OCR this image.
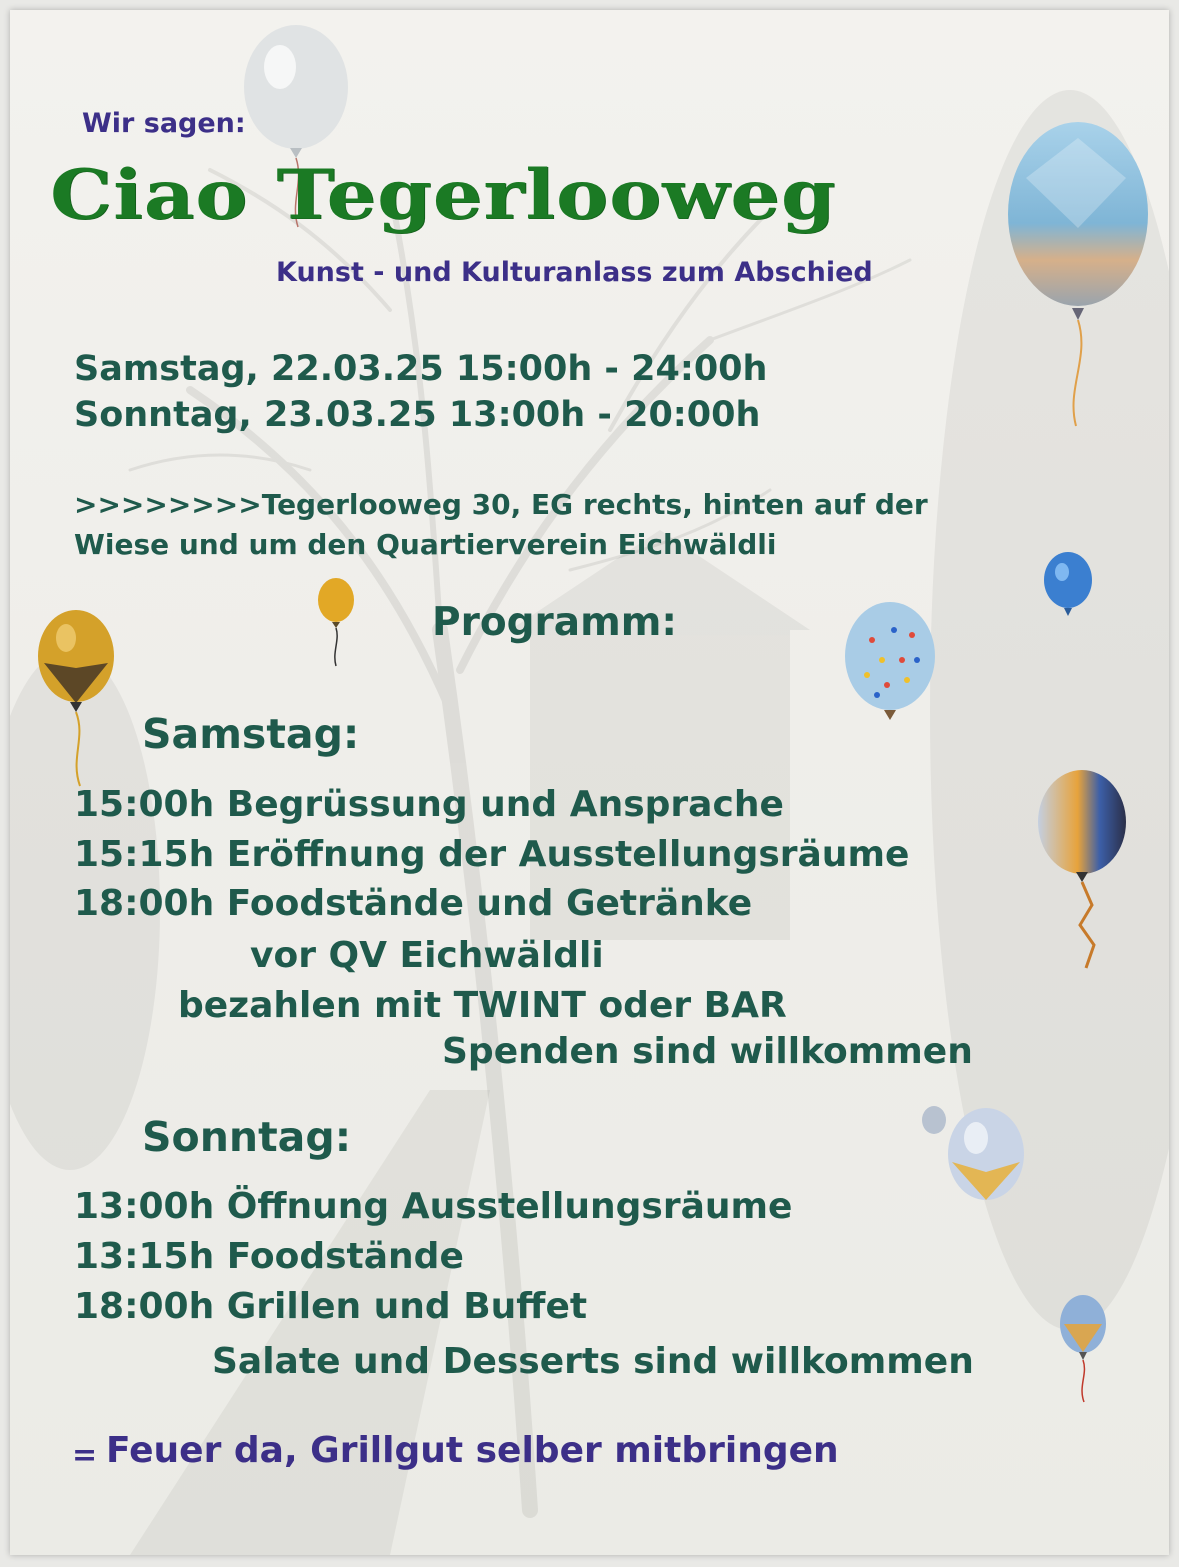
Wir sagen:
Ciao Tegerlooweg
Kunst - und Kulturanlass zum Abschied
Samstag, 22.03.25 15:00h - 24:00h
Sonntag, 23.03.25 13:00h - 20:00h
>>>>>>>>Tegerlooweg 30, EG rechts, hinten auf der
Wiese und um den Quartierverein Eichwäldli
Programm:
Samstag:
15:00h Begrüssung und Ansprache
15:15h Eröffnung der Ausstellungsräume
18:00h Foodstände und Getränke
vor QV Eichwäldli
bezahlen mit TWINT oder BAR
Spenden sind willkommen
Sonntag:
13:00h Öffnung Ausstellungsräume
13:15h Foodstände
18:00h Grillen und Buffet
Salate und Desserts sind willkommen
= Feuer da, Grillgut selber mitbringen
